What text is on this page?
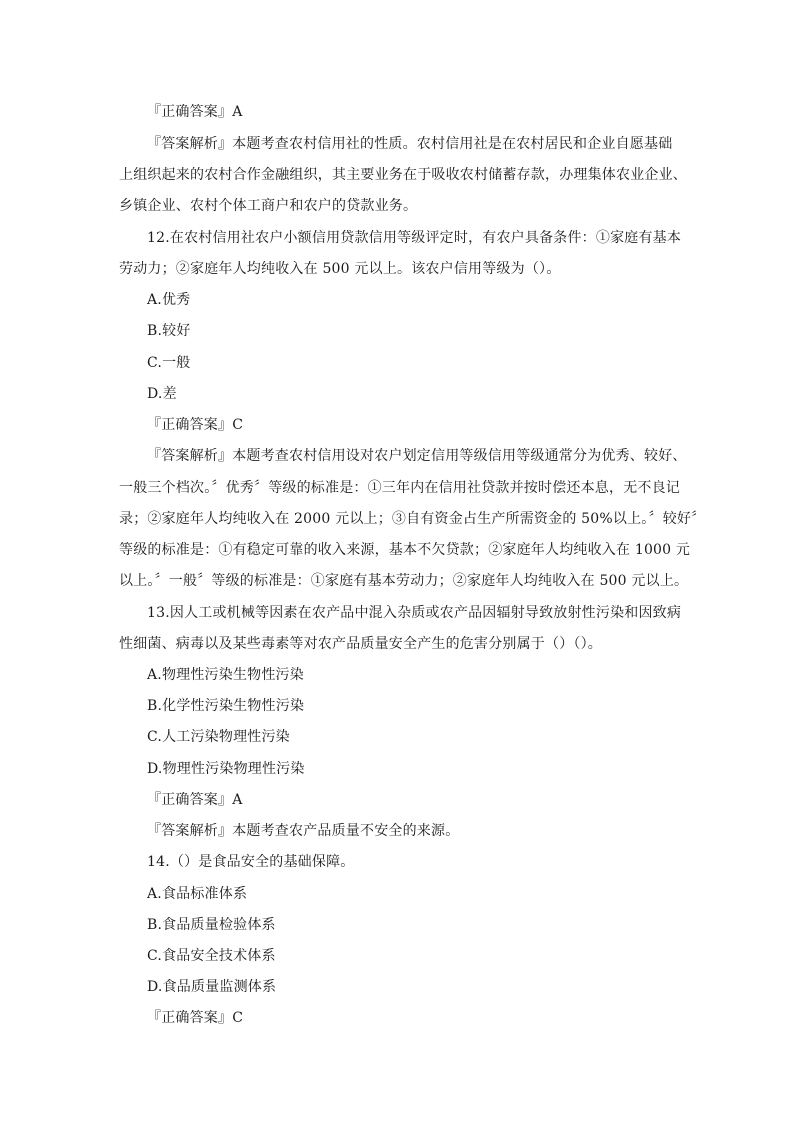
『正确答案』A
『答案解析』本题考查农村信用社的性质。农村信用社是在农村居民和企业自愿基础
上组织起来的农村合作金融组织，其主要业务在于吸收农村储蓄存款，办理集体农业企业、
乡镇企业、农村个体工商户和农户的贷款业务。
12.在农村信用社农户小额信用贷款信用等级评定时，有农户具备条件：①家庭有基本
劳动力；②家庭年人均纯收入在 500 元以上。该农户信用等级为（）。
A.优秀
B.较好
C.一般
D.差
『正确答案』C
『答案解析』本题考查农村信用设对农户划定信用等级信用等级通常分为优秀、较好、
一般三个档次。〞优秀〞等级的标准是：①三年内在信用社贷款并按时偿还本息，无不良记
录；②家庭年人均纯收入在 2000 元以上；③自有资金占生产所需资金的 50%以上。〞较好〞
等级的标准是：①有稳定可靠的收入来源，基本不欠贷款；②家庭年人均纯收入在 1000 元
以上。〞一般〞等级的标准是：①家庭有基本劳动力；②家庭年人均纯收入在 500 元以上。
13.因人工或机械等因素在农产品中混入杂质或农产品因辐射导致放射性污染和因致病
性细菌、病毒以及某些毒素等对农产品质量安全产生的危害分别属于（）（）。
A.物理性污染生物性污染
B.化学性污染生物性污染
C.人工污染物理性污染
D.物理性污染物理性污染
『正确答案』A
『答案解析』本题考查农产品质量不安全的来源。
14.（）是食品安全的基础保障。
A.食品标准体系
B.食品质量检验体系
C.食品安全技术体系
D.食品质量监测体系
『正确答案』C
